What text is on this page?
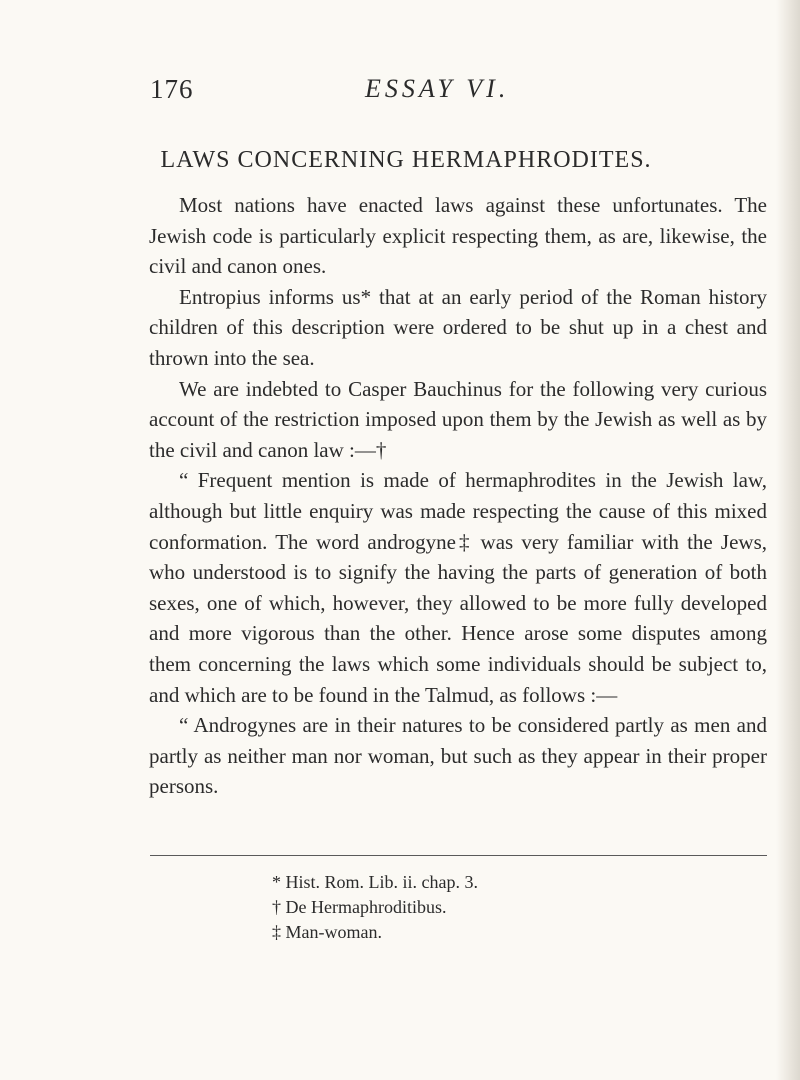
176	ESSAY VI.
LAWS CONCERNING HERMAPHRODITES.

Most nations have enacted laws against these unfortunates. The Jewish code is particularly explicit respecting them, as are, likewise, the civil and canon ones.

Entropius informs us* that at an early period of the Roman history children of this description were ordered to be shut up in a chest and thrown into the sea.

We are indebted to Casper Bauchinus for the following very curious account of the restriction imposed upon them by the Jewish as well as by the civil and canon law :—†

“ Frequent mention is made of hermaphrodites in the Jewish law, although but little enquiry was made respecting the cause of this mixed conformation. The word androgyne‡ was very familiar with the Jews, who understood is to signify the having the parts of generation of both sexes, one of which, however, they allowed to be more fully developed and more vigorous than the other. Hence arose some disputes among them concerning the laws which some individuals should be subject to, and which are to be found in the Talmud, as follows :—

“ Androgynes are in their natures to be considered partly as men and partly as neither man nor woman, but such as they appear in their proper persons.

* Hist. Rom. Lib. ii. chap. 3.

† De Hermaphroditibus.

‡ Man-woman.
